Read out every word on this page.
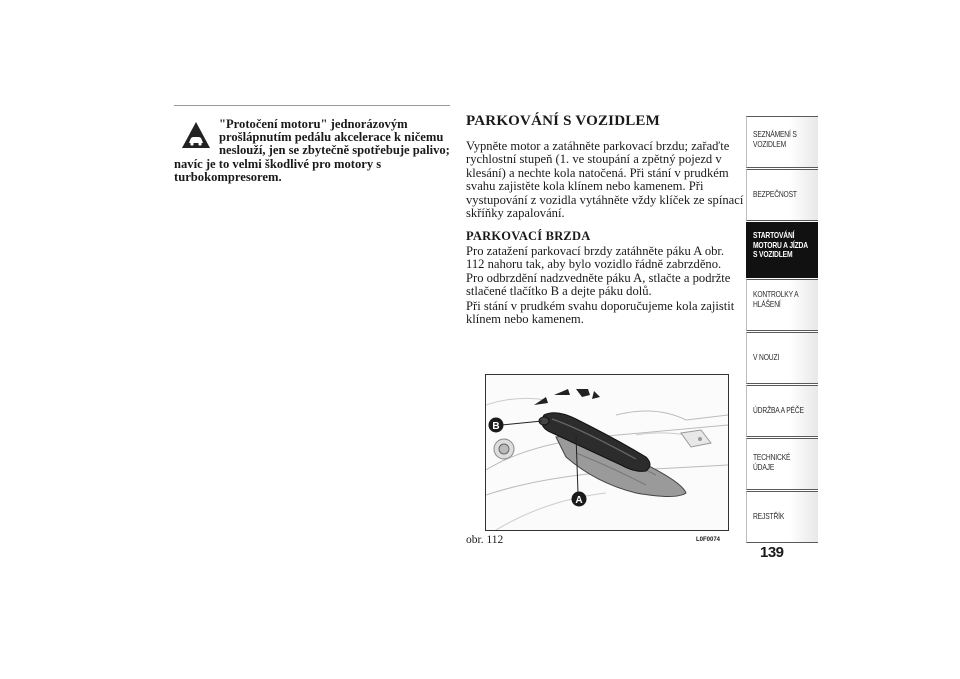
"Protočení motoru" jednorázovým
prošlápnutím pedálu akcelerace k ničemu
neslouží, jen se zbytečně spotřebuje palivo;
navíc je to velmi škodlivé pro motory s
turbokompresorem.
PARKOVÁNÍ S VOZIDLEM
Vypněte motor a zatáhněte parkovací brzdu; zařaďte
rychlostní stupeň (1. ve stoupání a zpětný pojezd v
klesání) a nechte kola natočená. Při stání v prudkém
svahu zajistěte kola klínem nebo kamenem. Při
vystupování z vozidla vytáhněte vždy klíček ze spínací
skříňky zapalování.
PARKOVACÍ BRZDA
Pro zatažení parkovací brzdy zatáhněte páku A obr.
112 nahoru tak, aby bylo vozidlo řádně zabrzděno.
Pro odbrzdění nadzvedněte páku A, stlačte a podržte
stlačené tlačítko B a dejte páku dolů.
Při stání v prudkém svahu doporučujeme kola zajistit
klínem nebo kamenem.
B
A
obr. 112	L0F0074
SEZNÁMENÍ S
VOZIDLEM
BEZPEČNOST
STARTOVÁNÍ
MOTORU A JÍZDA
S VOZIDLEM
KONTROLKY A
HLÁŠENÍ
V NOUZI
ÚDRŽBA A PÉČE
TECHNICKÉ
ÚDAJE
REJSTŘÍK
139
